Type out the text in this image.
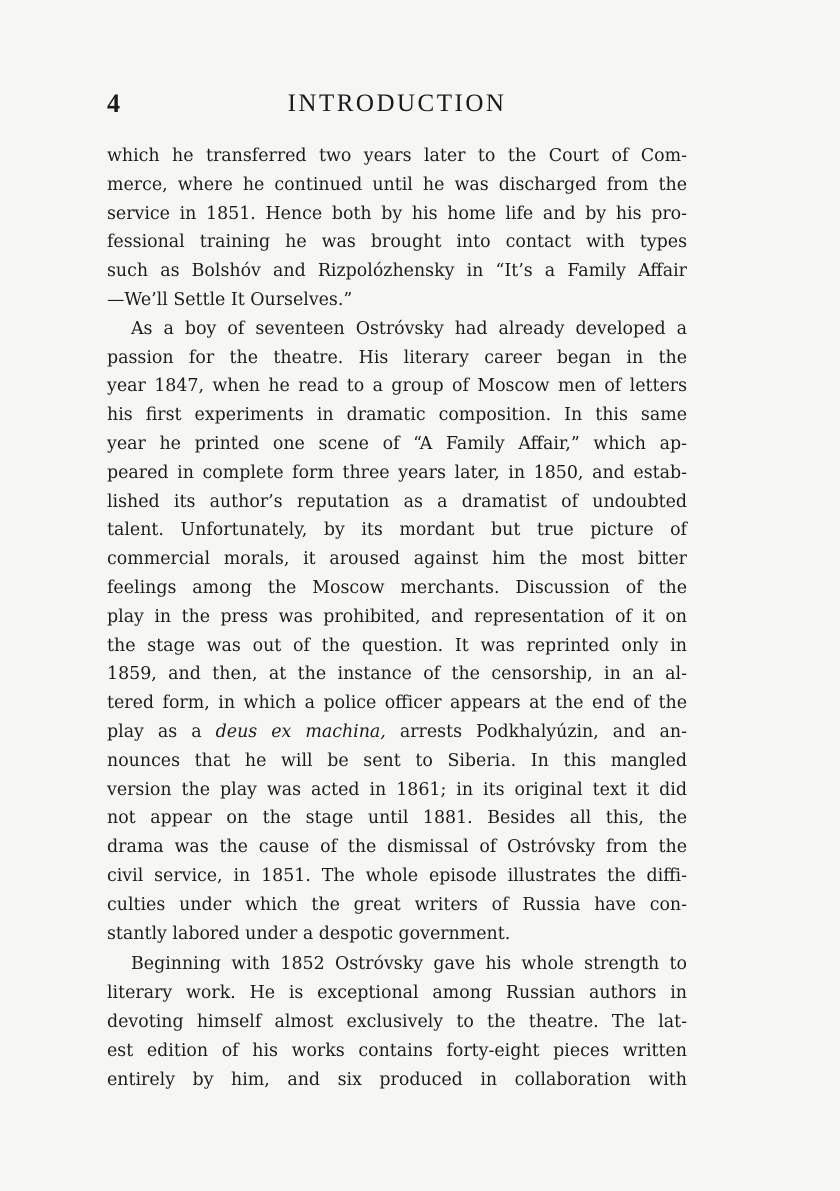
4	INTRODUCTION
which he transferred two years later to the Court of Com-
merce, where he continued until he was discharged from the
service in 1851. Hence both by his home life and by his pro-
fessional training he was brought into contact with types
such as Bolshóv and Rizpolózhensky in “It’s a Family Affair
—We’ll Settle It Ourselves.”
As a boy of seventeen Ostróvsky had already developed a
passion for the theatre. His literary career began in the
year 1847, when he read to a group of Moscow men of letters
his first experiments in dramatic composition. In this same
year he printed one scene of “A Family Affair,” which ap-
peared in complete form three years later, in 1850, and estab-
lished its author’s reputation as a dramatist of undoubted
talent. Unfortunately, by its mordant but true picture of
commercial morals, it aroused against him the most bitter
feelings among the Moscow merchants. Discussion of the
play in the press was prohibited, and representation of it on
the stage was out of the question. It was reprinted only in
1859, and then, at the instance of the censorship, in an al-
tered form, in which a police officer appears at the end of the
play as a deus ex machina, arrests Podkhalyúzin, and an-
nounces that he will be sent to Siberia. In this mangled
version the play was acted in 1861; in its original text it did
not appear on the stage until 1881. Besides all this, the
drama was the cause of the dismissal of Ostróvsky from the
civil service, in 1851. The whole episode illustrates the diffi-
culties under which the great writers of Russia have con-
stantly labored under a despotic government.
Beginning with 1852 Ostróvsky gave his whole strength to
literary work. He is exceptional among Russian authors in
devoting himself almost exclusively to the theatre. The lat-
est edition of his works contains forty-eight pieces written
entirely by him, and six produced in collaboration with
